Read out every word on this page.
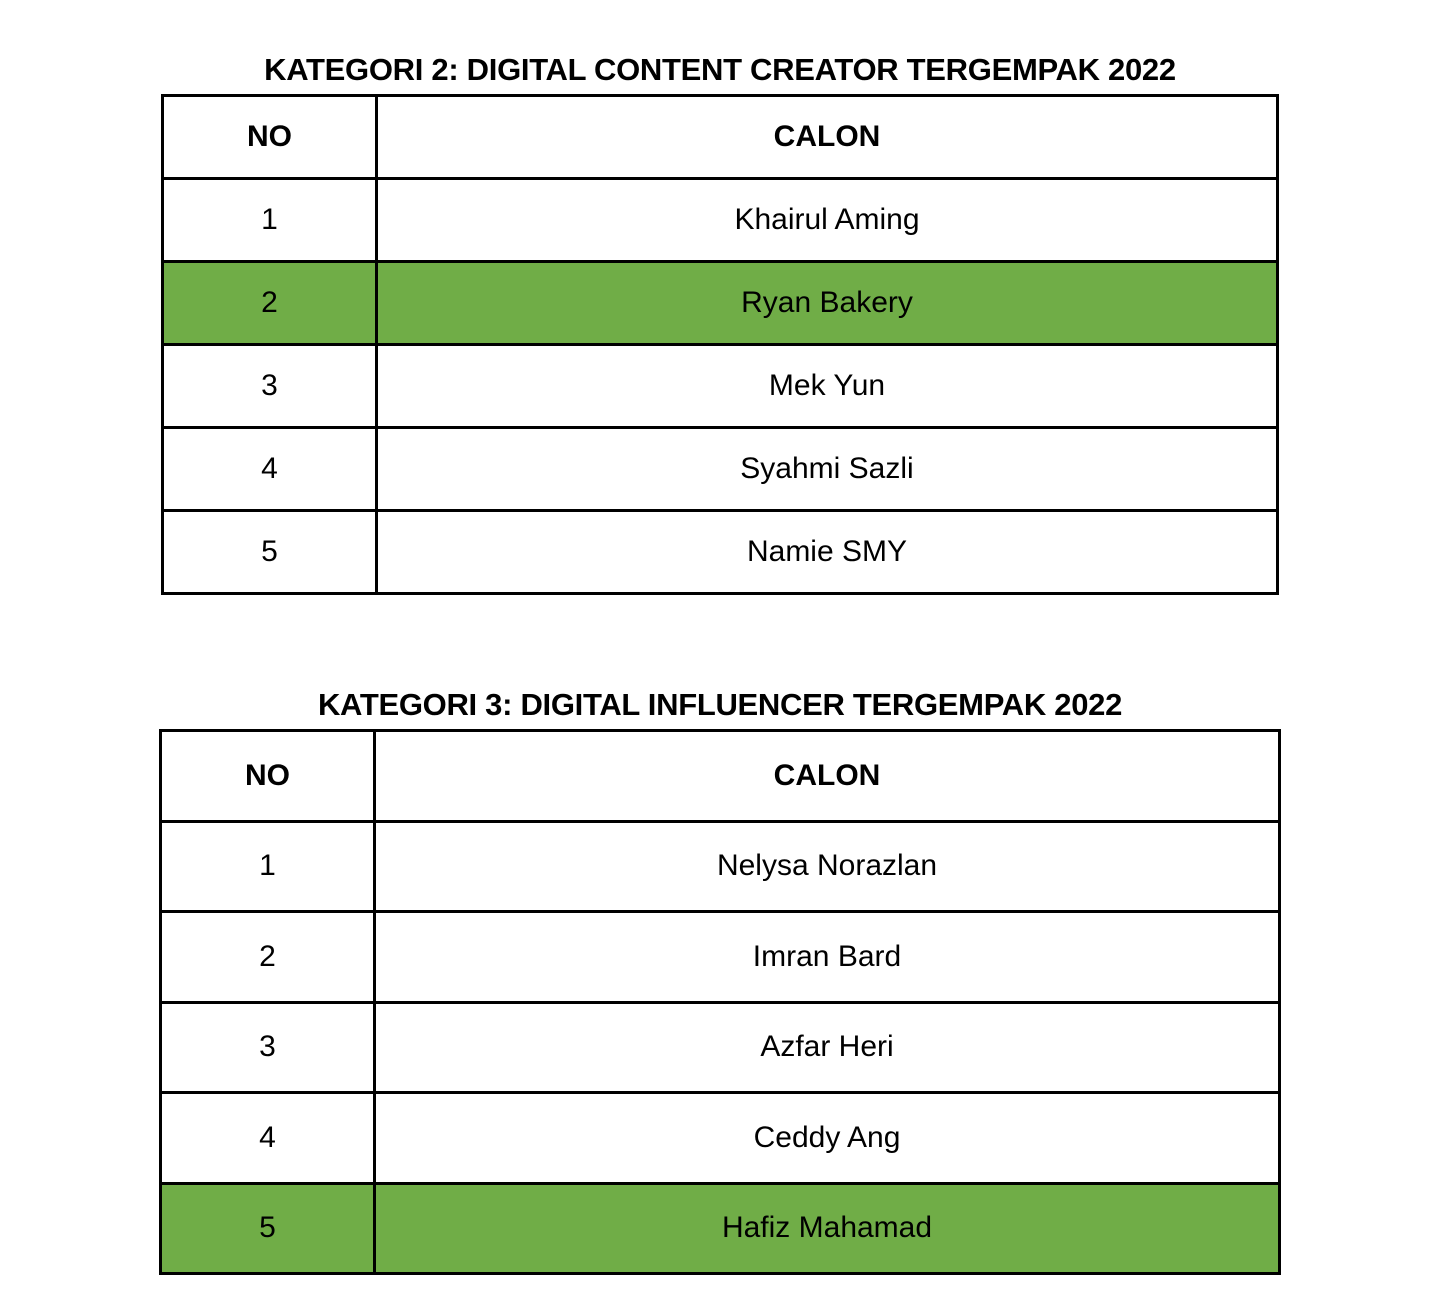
KATEGORI 2: DIGITAL CONTENT CREATOR TERGEMPAK 2022
NO	CALON
1	Khairul Aming
2	Ryan Bakery
3	Mek Yun
4	Syahmi Sazli
5	Namie SMY
KATEGORI 3: DIGITAL INFLUENCER TERGEMPAK 2022
NO	CALON
1	Nelysa Norazlan
2	Imran Bard
3	Azfar Heri
4	Ceddy Ang
5	Hafiz Mahamad
